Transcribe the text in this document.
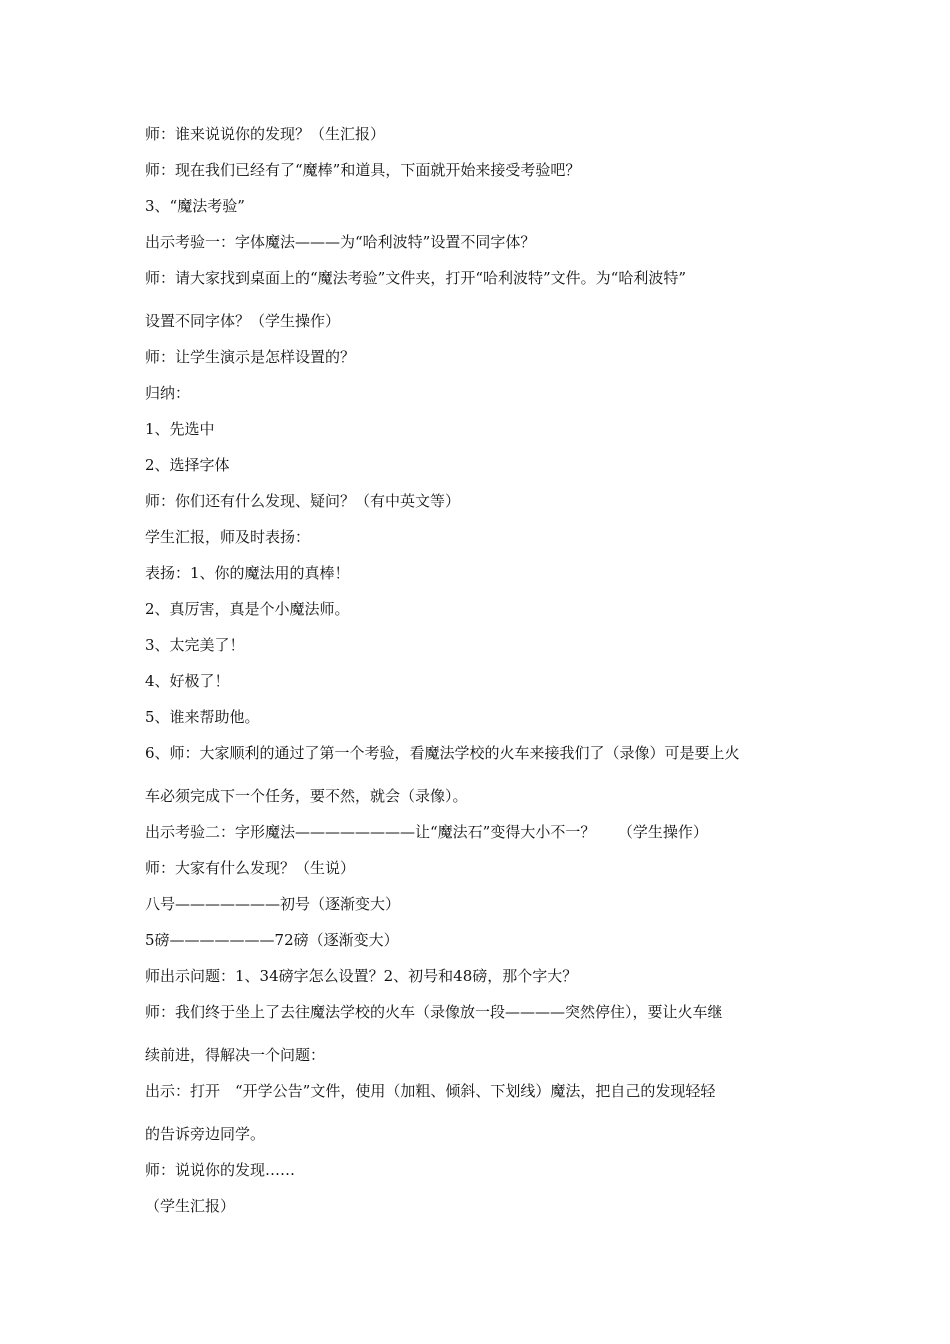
师：谁来说说你的发现？（生汇报）
师：现在我们已经有了“魔棒”和道具，下面就开始来接受考验吧？
3、“魔法考验”
出示考验一：字体魔法———为“哈利波特”设置不同字体？
师：请大家找到桌面上的“魔法考验”文件夹，打开“哈利波特”文件。为“哈利波特”
设置不同字体？（学生操作）
师：让学生演示是怎样设置的？
归纳：
1、先选中
2、选择字体
师：你们还有什么发现、疑问？（有中英文等）
学生汇报，师及时表扬：
表扬：1、你的魔法用的真棒！
2、真厉害，真是个小魔法师。
3、太完美了！
4、好极了！
5、谁来帮助他。
6、师：大家顺利的通过了第一个考验，看魔法学校的火车来接我们了（录像）可是要上火
车必须完成下一个任务，要不然，就会（录像）。
出示考验二：字形魔法————————让“魔法石”变得大小不一？　　（学生操作）
师：大家有什么发现？（生说）
八号———————初号（逐渐变大）
5磅———————72磅（逐渐变大）
师出示问题：1、34磅字怎么设置？2、初号和48磅，那个字大？
师：我们终于坐上了去往魔法学校的火车（录像放一段————突然停住），要让火车继
续前进，得解决一个问题：
出示：打开　“开学公告”文件，使用（加粗、倾斜、下划线）魔法，把自己的发现轻轻
的告诉旁边同学。
师：说说你的发现……
（学生汇报）
